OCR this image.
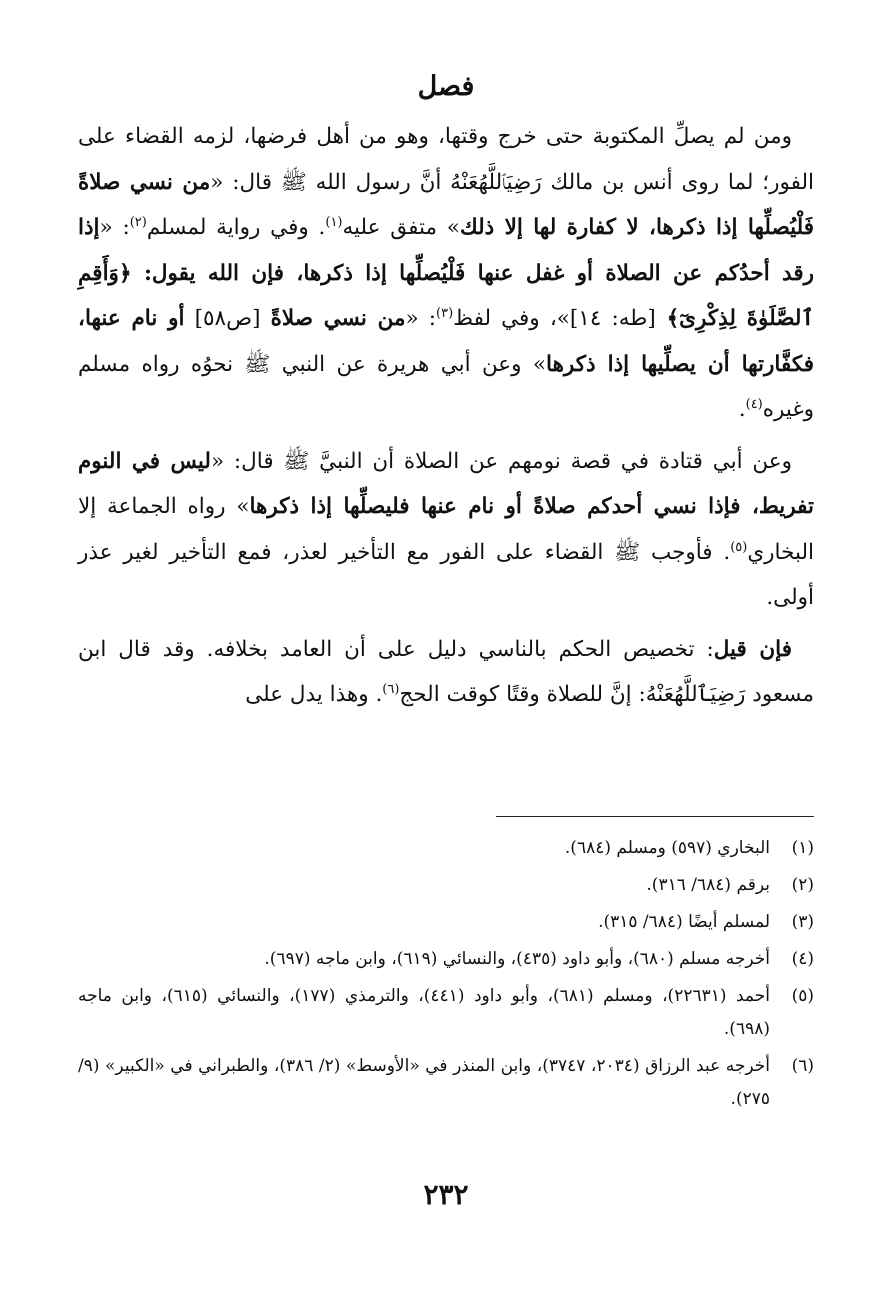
فصل

ومن لم يصلِّ المكتوبة حتى خرج وقتها، وهو من أهل فرضها، لزمه القضاء على الفور؛ لما روى أنس بن مالك رَضِيَٱللَّهُعَنْهُ أنَّ رسول الله ﷺ قال: «من نسي صلاةً فَلْيُصلِّها إذا ذكرها، لا كفارة لها إلا ذلك» متفق عليه$^{(١)}$. وفي رواية لمسلم$^{(٢)}$: «إذا رقد أحدُكم عن الصلاة أو غفل عنها فَلْيُصلِّها إذا ذكرها، فإن الله يقول: ﴿وَأَقِمِ ٱلصَّلَوٰةَ لِذِكْرِىٓ﴾ [طه: ١٤]»، وفي لفظ$^{(٣)}$: «من نسي صلاةً [ص٥٨] أو نام عنها، فكفَّارتها أن يصلِّيها إذا ذكرها» وعن أبي هريرة عن النبي ﷺ نحوُه رواه مسلم وغيره$^{(٤)}$.

وعن أبي قتادة في قصة نومهم عن الصلاة أن النبيَّ ﷺ قال: «ليس في النوم تفريط، فإذا نسي أحدكم صلاةً أو نام عنها فليصلِّها إذا ذكرها» رواه الجماعة إلا البخاري$^{(٥)}$. فأوجب ﷺ القضاء على الفور مع التأخير لعذر، فمع التأخير لغير عذر أولى.

فإن قيل: تخصيص الحكم بالناسي دليل على أن العامد بخلافه. وقد قال ابن مسعود رَضِيَٱللَّهُعَنْهُ: إنَّ للصلاة وقتًا كوقت الحج$^{(٦)}$. وهذا يدل على

(١)
البخاري (٥٩٧) ومسلم (٦٨٤).
(٢)
برقم (٦٨٤/ ٣١٦).
(٣)
لمسلم أيضًا (٦٨٤/ ٣١٥).
(٤)
أخرجه مسلم (٦٨٠)، وأبو داود (٤٣٥)، والنسائي (٦١٩)، وابن ماجه (٦٩٧).
(٥)
أحمد (٢٢٦٣١)، ومسلم (٦٨١)، وأبو داود (٤٤١)، والترمذي (١٧٧)، والنسائي (٦١٥)، وابن ماجه (٦٩٨).
(٦)
أخرجه عبد الرزاق (٢٠٣٤، ٣٧٤٧)، وابن المنذر في «الأوسط» (٢/ ٣٨٦)، والطبراني في «الكبير» (٩/ ٢٧٥).
٢٣٢
